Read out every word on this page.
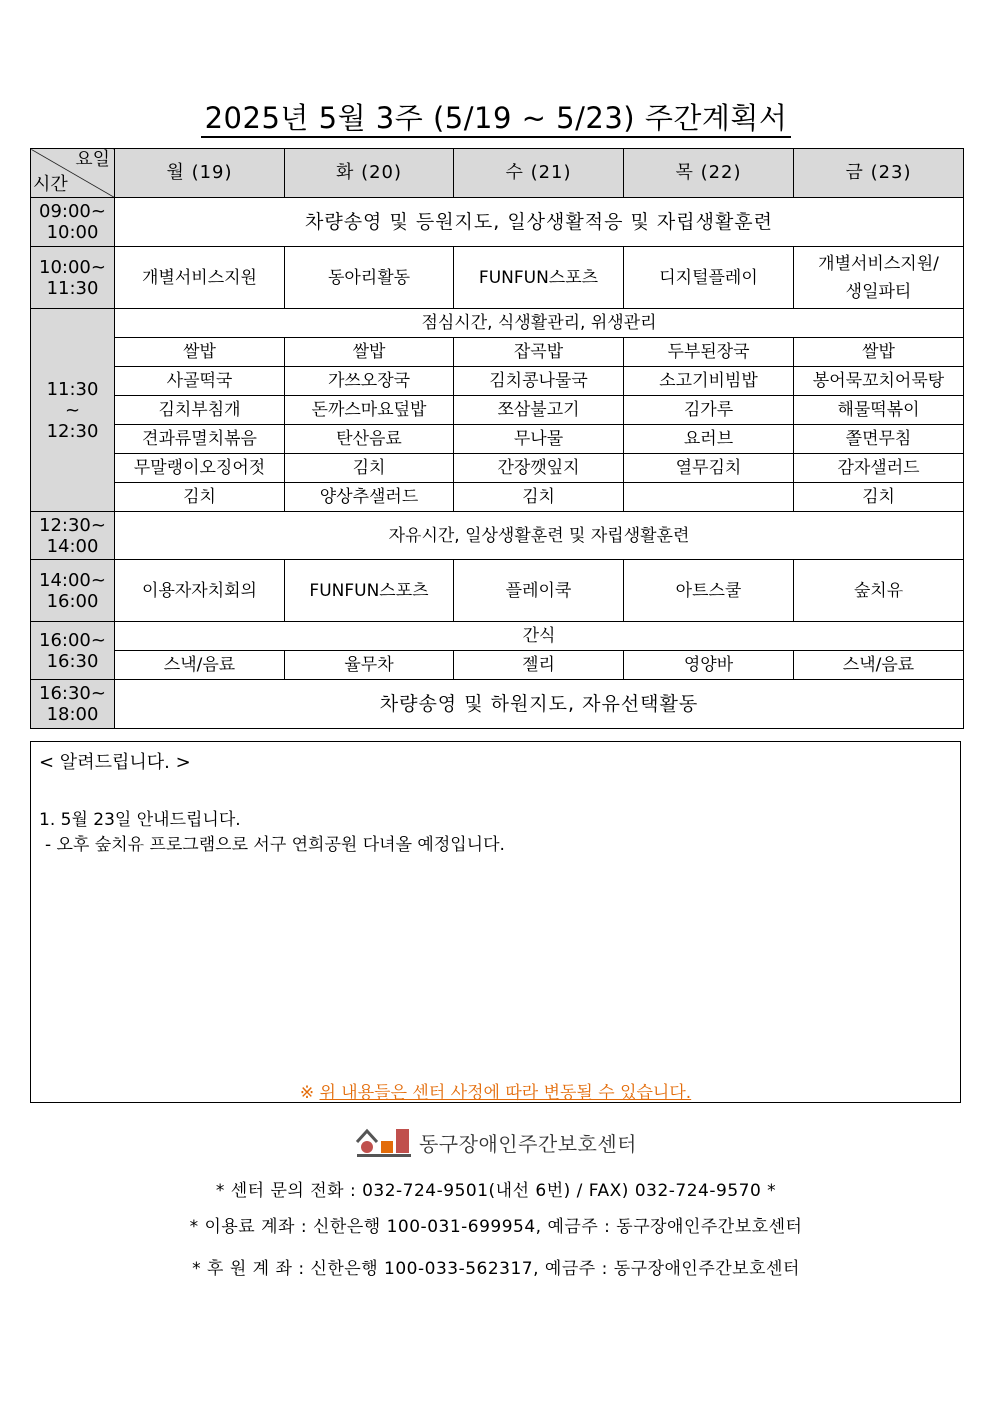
2025년 5월 3주 (5/19 ~ 5/23) 주간계획서
요일
시간	월 (19)	화 (20)	수 (21)	목 (22)	금 (23)
09:00~
10:00	차량송영 및 등원지도, 일상생활적응 및 자립생활훈련				
10:00~
11:30	개별서비스지원	동아리활동	FUNFUN스포츠	디지털플레이	개별서비스지원/
생일파티
11:30
~
12:30	점심시간, 식생활관리, 위생관리				
	쌀밥	쌀밥	잡곡밥	두부된장국	쌀밥
	사골떡국	가쓰오장국	김치콩나물국	소고기비빔밥	봉어묵꼬치어묵탕
	김치부침개	돈까스마요덮밥	쪼삼불고기	김가루	해물떡볶이
	견과류멸치볶음	탄산음료	무나물	요러브	쫄면무침
	무말랭이오징어젓	김치	간장깻잎지	열무김치	감자샐러드
	김치	양상추샐러드	김치		김치
12:30~
14:00	자유시간, 일상생활훈련 및 자립생활훈련				
14:00~
16:00	이용자자치회의	FUNFUN스포츠	플레이쿡	아트스쿨	숲치유
16:00~
16:30	간식				
	스낵/음료	율무차	젤리	영양바	스낵/음료
16:30~
18:00	차량송영 및 하원지도, 자유선택활동				
< 알려드립니다. >
1. 5월 23일 안내드립니다.
- 오후 숲치유 프로그램으로 서구 연희공원 다녀올 예정입니다.
※ 위 내용들은 센터 사정에 따라 변동될 수 있습니다.
동구장애인주간보호센터
* 센터 문의 전화 : 032-724-9501(내선 6번) / FAX) 032-724-9570 *
* 이용료 계좌 : 신한은행 100-031-699954, 예금주 : 동구장애인주간보호센터
* 후 원 계 좌 : 신한은행 100-033-562317, 예금주 : 동구장애인주간보호센터
